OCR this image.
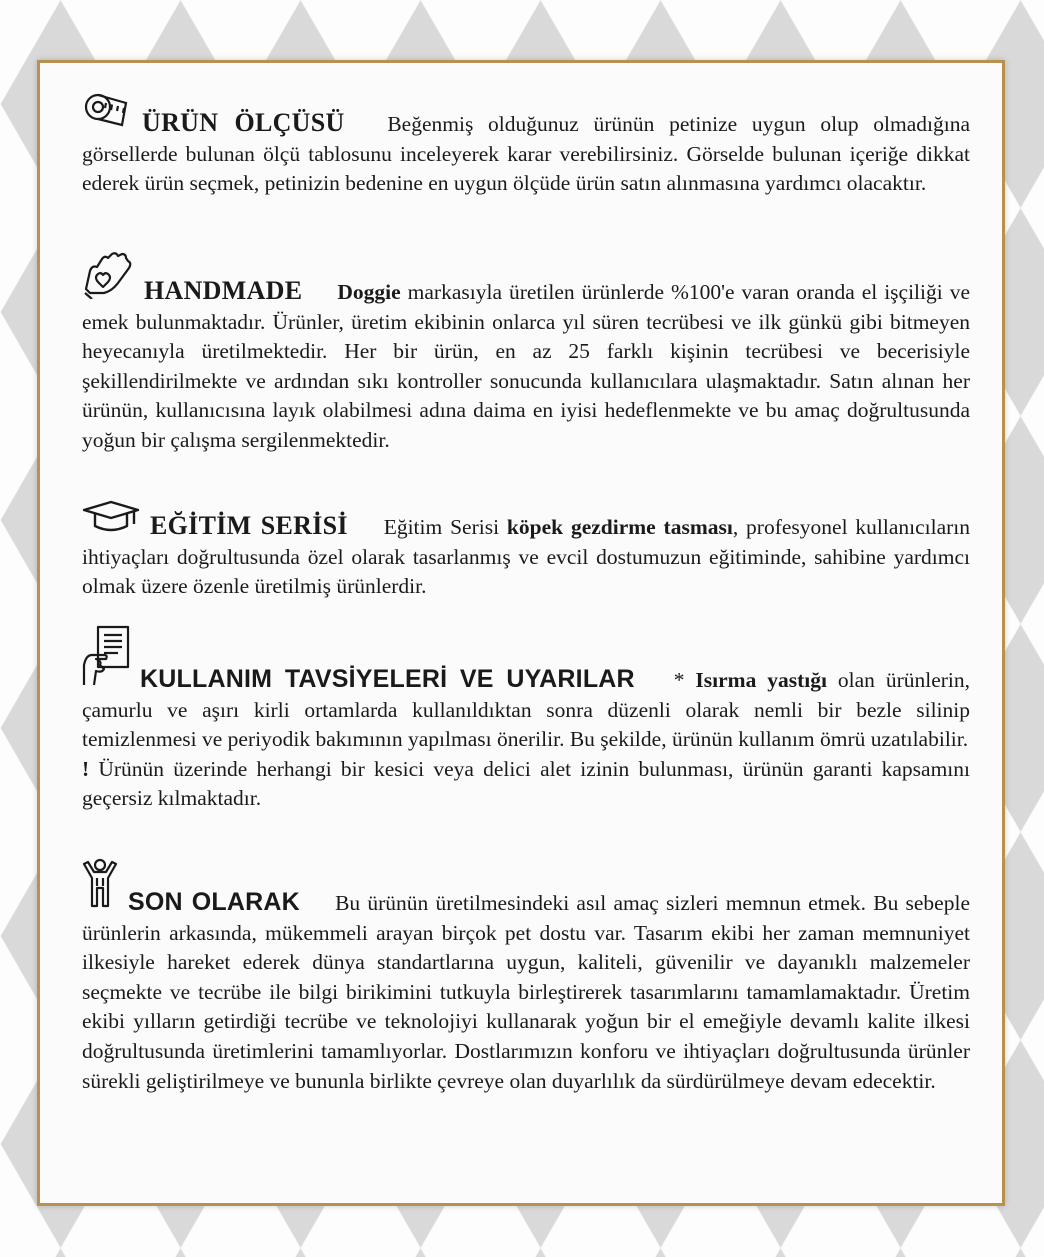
ÜRÜN ÖLÇÜSÜ Beğenmiş olduğunuz ürünün petinize uygun olup olmadığına görsellerde bulunan ölçü tablosunu inceleyerek karar verebilirsiniz. Görselde bulunan içeriğe dikkat ederek ürün seçmek, petinizin bedenine en uygun ölçüde ürün satın alınmasına yardımcı olacaktır.

HANDMADE Doggie markasıyla üretilen ürünlerde %100'e varan oranda el işçiliği ve emek bulunmaktadır. Ürünler, üretim ekibinin onlarca yıl süren tecrübesi ve ilk günkü gibi bitmeyen heyecanıyla üretilmektedir. Her bir ürün, en az 25 farklı kişinin tecrübesi ve becerisiyle şekillendirilmekte ve ardından sıkı kontroller sonucunda kullanıcılara ulaşmaktadır. Satın alınan her ürünün, kullanıcısına layık olabilmesi adına daima en iyisi hedeflenmekte ve bu amaç doğrultusunda yoğun bir çalışma sergilenmektedir.

EĞİTİM SERİSİ Eğitim Serisi köpek gezdirme tasması, profesyonel kullanıcıların ihtiyaçları doğrultusunda özel olarak tasarlanmış ve evcil dostumuzun eğitiminde, sahibine yardımcı olmak üzere özenle üretilmiş ürünlerdir.

KULLANIM TAVSİYELERİ VE UYARILAR * Isırma yastığı olan ürünlerin, çamurlu ve aşırı kirli ortamlarda kullanıldıktan sonra düzenli olarak nemli bir bezle silinip temizlenmesi ve periyodik bakımının yapılması önerilir. Bu şekilde, ürünün kullanım ömrü uzatılabilir.

! Ürünün üzerinde herhangi bir kesici veya delici alet izinin bulunması, ürünün garanti kapsamını geçersiz kılmaktadır.

SON OLARAK Bu ürünün üretilmesindeki asıl amaç sizleri memnun etmek. Bu sebeple ürünlerin arkasında, mükemmeli arayan birçok pet dostu var. Tasarım ekibi her zaman memnuniyet ilkesiyle hareket ederek dünya standartlarına uygun, kaliteli, güvenilir ve dayanıklı malzemeler seçmekte ve tecrübe ile bilgi birikimini tutkuyla birleştirerek tasarımlarını tamamlamaktadır. Üretim ekibi yılların getirdiği tecrübe ve teknolojiyi kullanarak yoğun bir el emeğiyle devamlı kalite ilkesi doğrultusunda üretimlerini tamamlıyorlar. Dostlarımızın konforu ve ihtiyaçları doğrultusunda ürünler sürekli geliştirilmeye ve bununla birlikte çevreye olan duyarlılık da sürdürülmeye devam edecektir.
